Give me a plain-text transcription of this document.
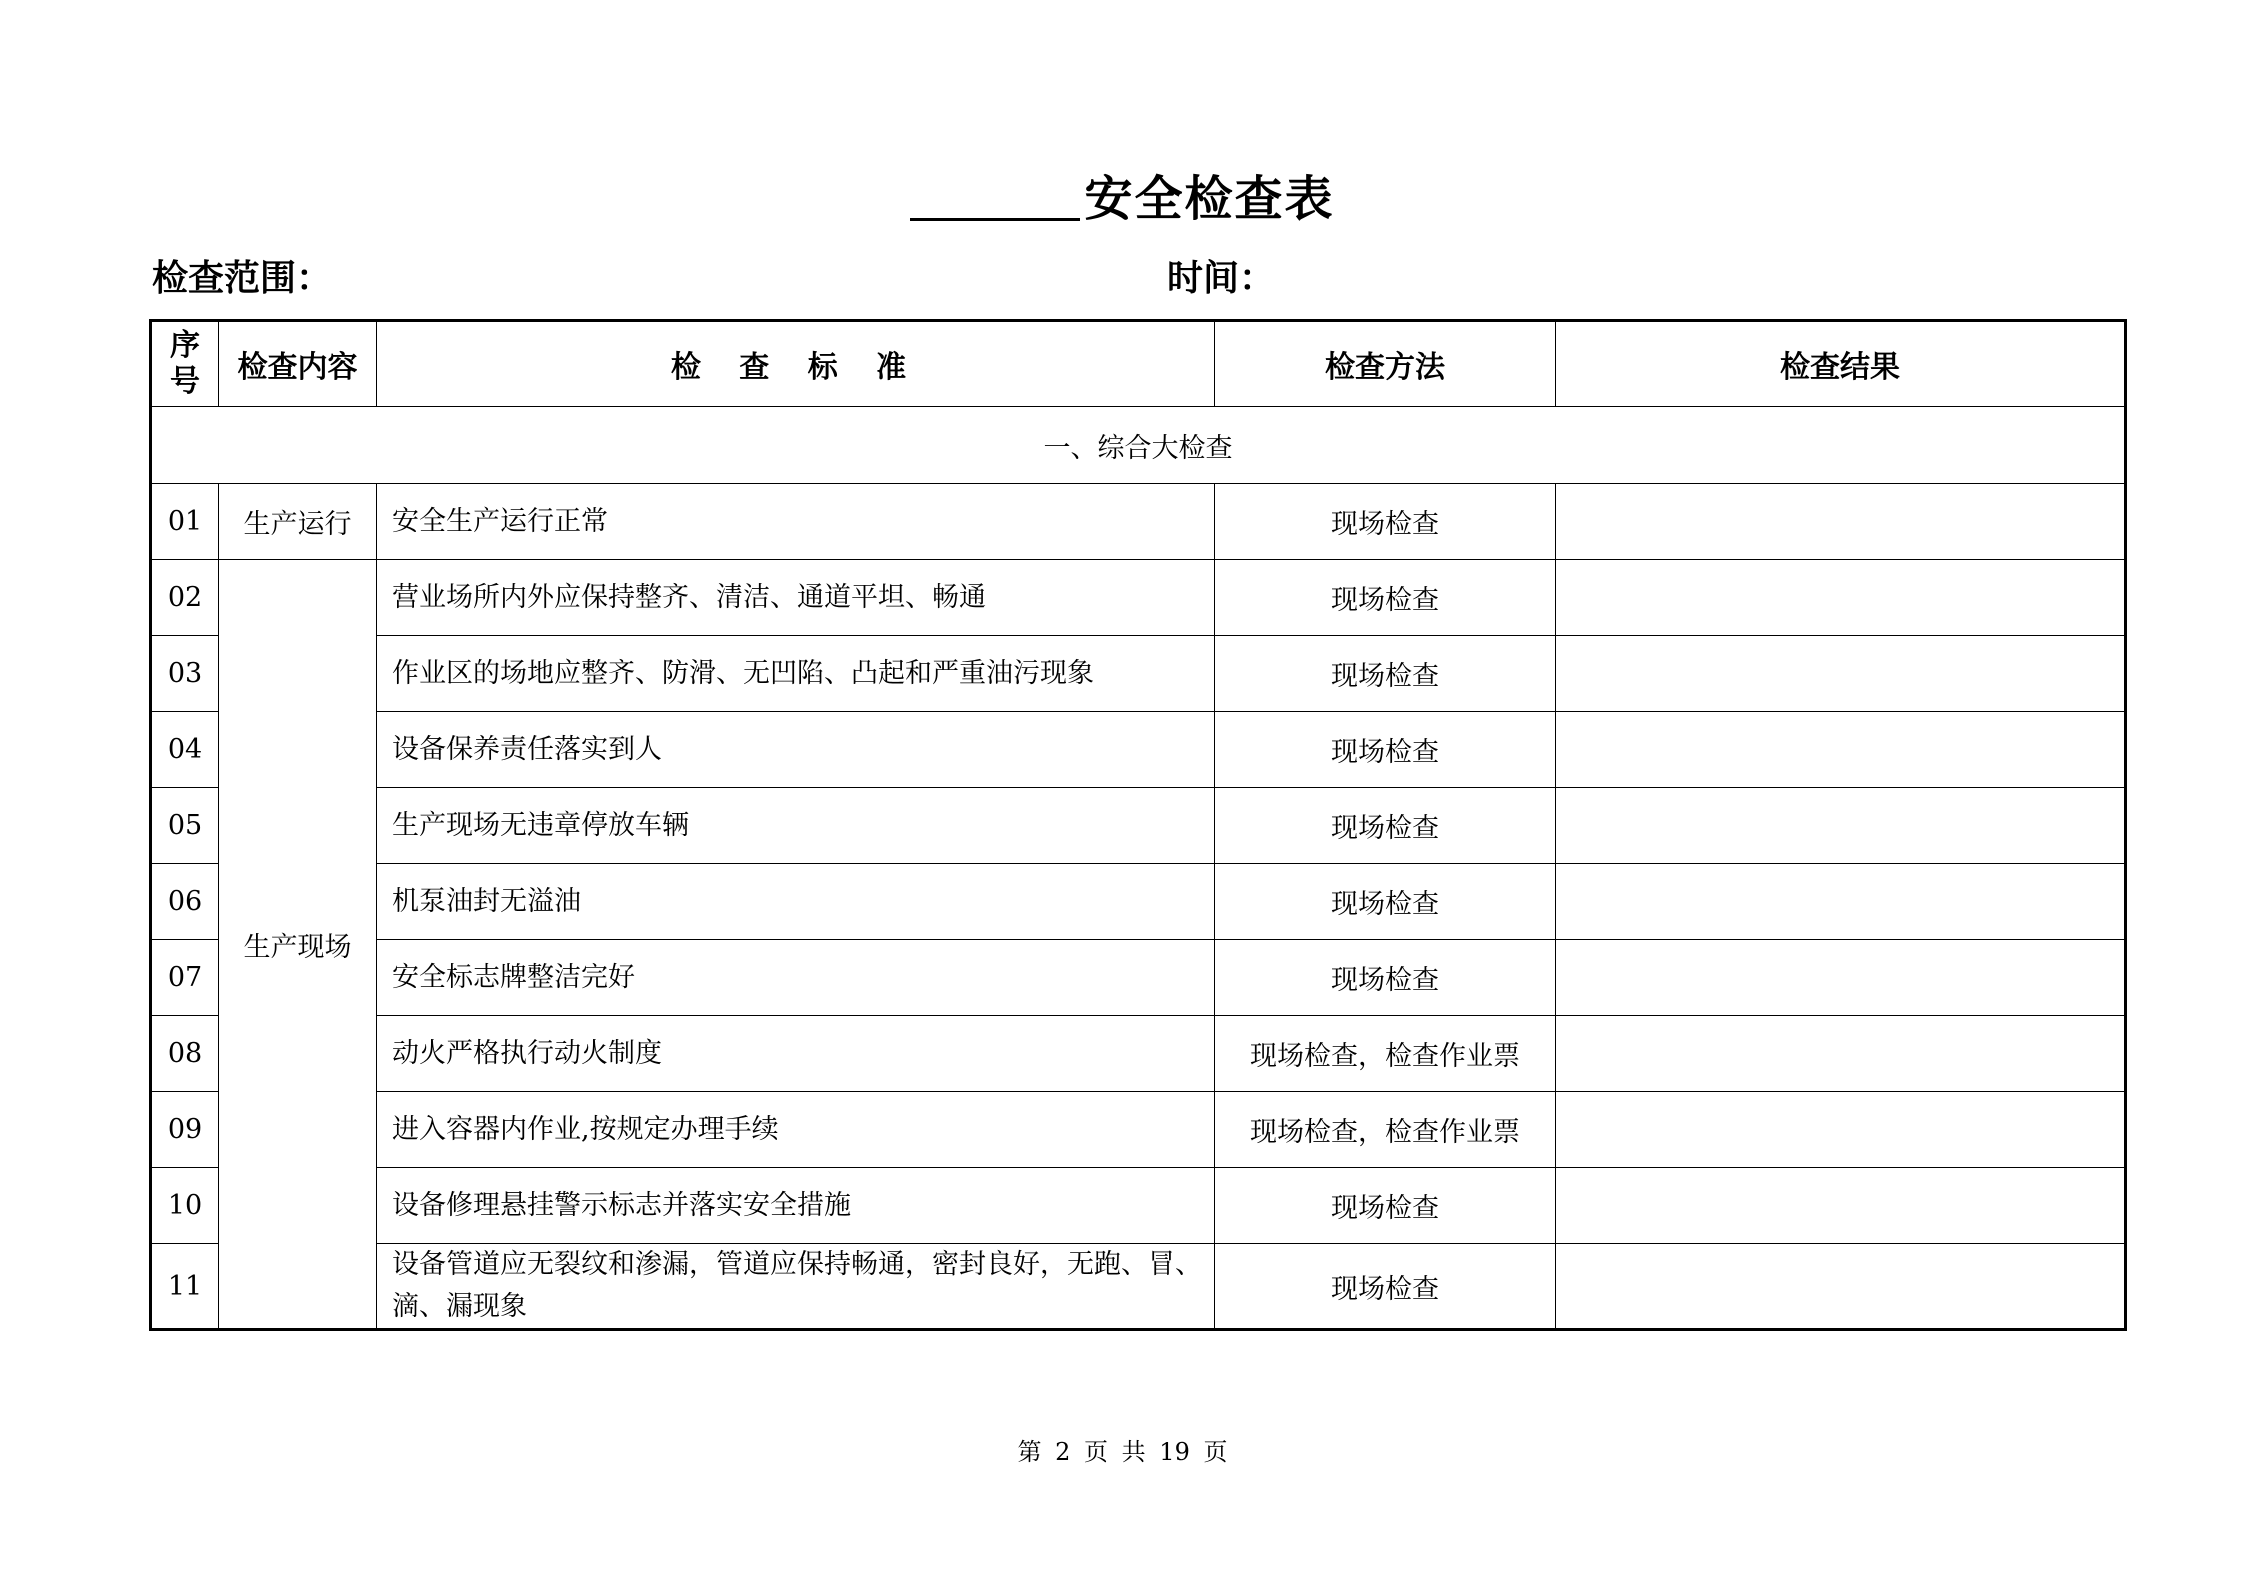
安全检查表
检查范围：	时间：
序号	检查内容	检 查 标 准	检查方法	检查结果
一、综合大检查				
01	生产运行	安全生产运行正常	现场检查	
02	生产现场	营业场所内外应保持整齐、清洁、通道平坦、畅通	现场检查	
03		作业区的场地应整齐、防滑、无凹陷、凸起和严重油污现象	现场检查	
04		设备保养责任落实到人	现场检查	
05		生产现场无违章停放车辆	现场检查	
06		机泵油封无溢油	现场检查	
07		安全标志牌整洁完好	现场检查	
08		动火严格执行动火制度	现场检查，检查作业票	
09		进入容器内作业,按规定办理手续	现场检查，检查作业票	
10		设备修理悬挂警示标志并落实安全措施	现场检查	
11		设备管道应无裂纹和渗漏，管道应保持畅通，密封良好，无跑、冒、滴、漏现象	现场检查	
第 2 页 共 19 页
